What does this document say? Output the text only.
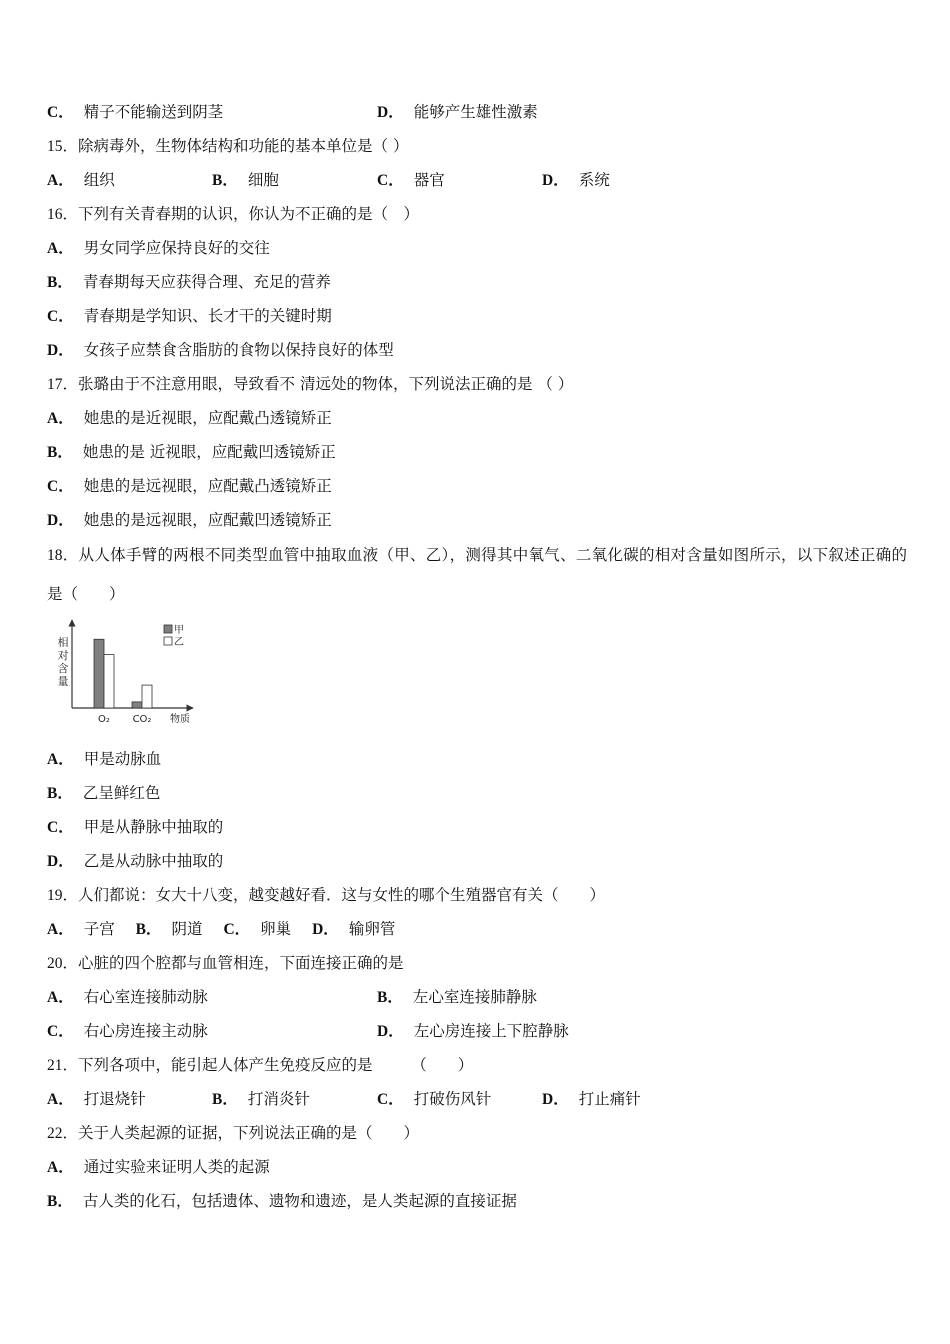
C． 精子不能输送到阴茎	D． 能够产生雄性激素
15．除病毒外，生物体结构和功能的基本单位是（ ）
A． 组织	B． 细胞	C． 器官	D． 系统
16．下列有关青春期的认识，你认为不正确的是（　）
A． 男女同学应保持良好的交往
B． 青春期每天应获得合理、充足的营养
C． 青春期是学知识、长才干的关键时期
D． 女孩子应禁食含脂肪的食物以保持良好的体型
17．张璐由于不注意用眼，导致看不 清远处的物体，下列说法正确的是 （ ）
A． 她患的是近视眼，应配戴凸透镜矫正
B． 她患的是 近视眼，应配戴凹透镜矫正
C． 她患的是远视眼，应配戴凸透镜矫正
D． 她患的是远视眼，应配戴凹透镜矫正
18．从人体手臂的两根不同类型血管中抽取血液（甲、乙），测得其中氧气、二氧化碳的相对含量如图所示，以下叙述正确的是（　　）
相
对
含
量
O₂ CO₂ 物质
甲
乙
A． 甲是动脉血
B． 乙呈鲜红色
C． 甲是从静脉中抽取的
D． 乙是从动脉中抽取的
19．人们都说：女大十八变，越变越好看．这与女性的哪个生殖器官有关（　　）
A． 子宫 B． 阴道 C． 卵巢 D． 输卵管
20．心脏的四个腔都与血管相连，下面连接正确的是
A． 右心室连接肺动脉	B． 左心室连接肺静脉
C． 右心房连接主动脉	D． 左心房连接上下腔静脉
21．下列各项中，能引起人体产生免疫反应的是　　　（　　）
A． 打退烧针	B． 打消炎针	C． 打破伤风针	D． 打止痛针
22．关于人类起源的证据，下列说法正确的是（　　）
A． 通过实验来证明人类的起源
B． 古人类的化石，包括遗体、遗物和遗迹，是人类起源的直接证据
